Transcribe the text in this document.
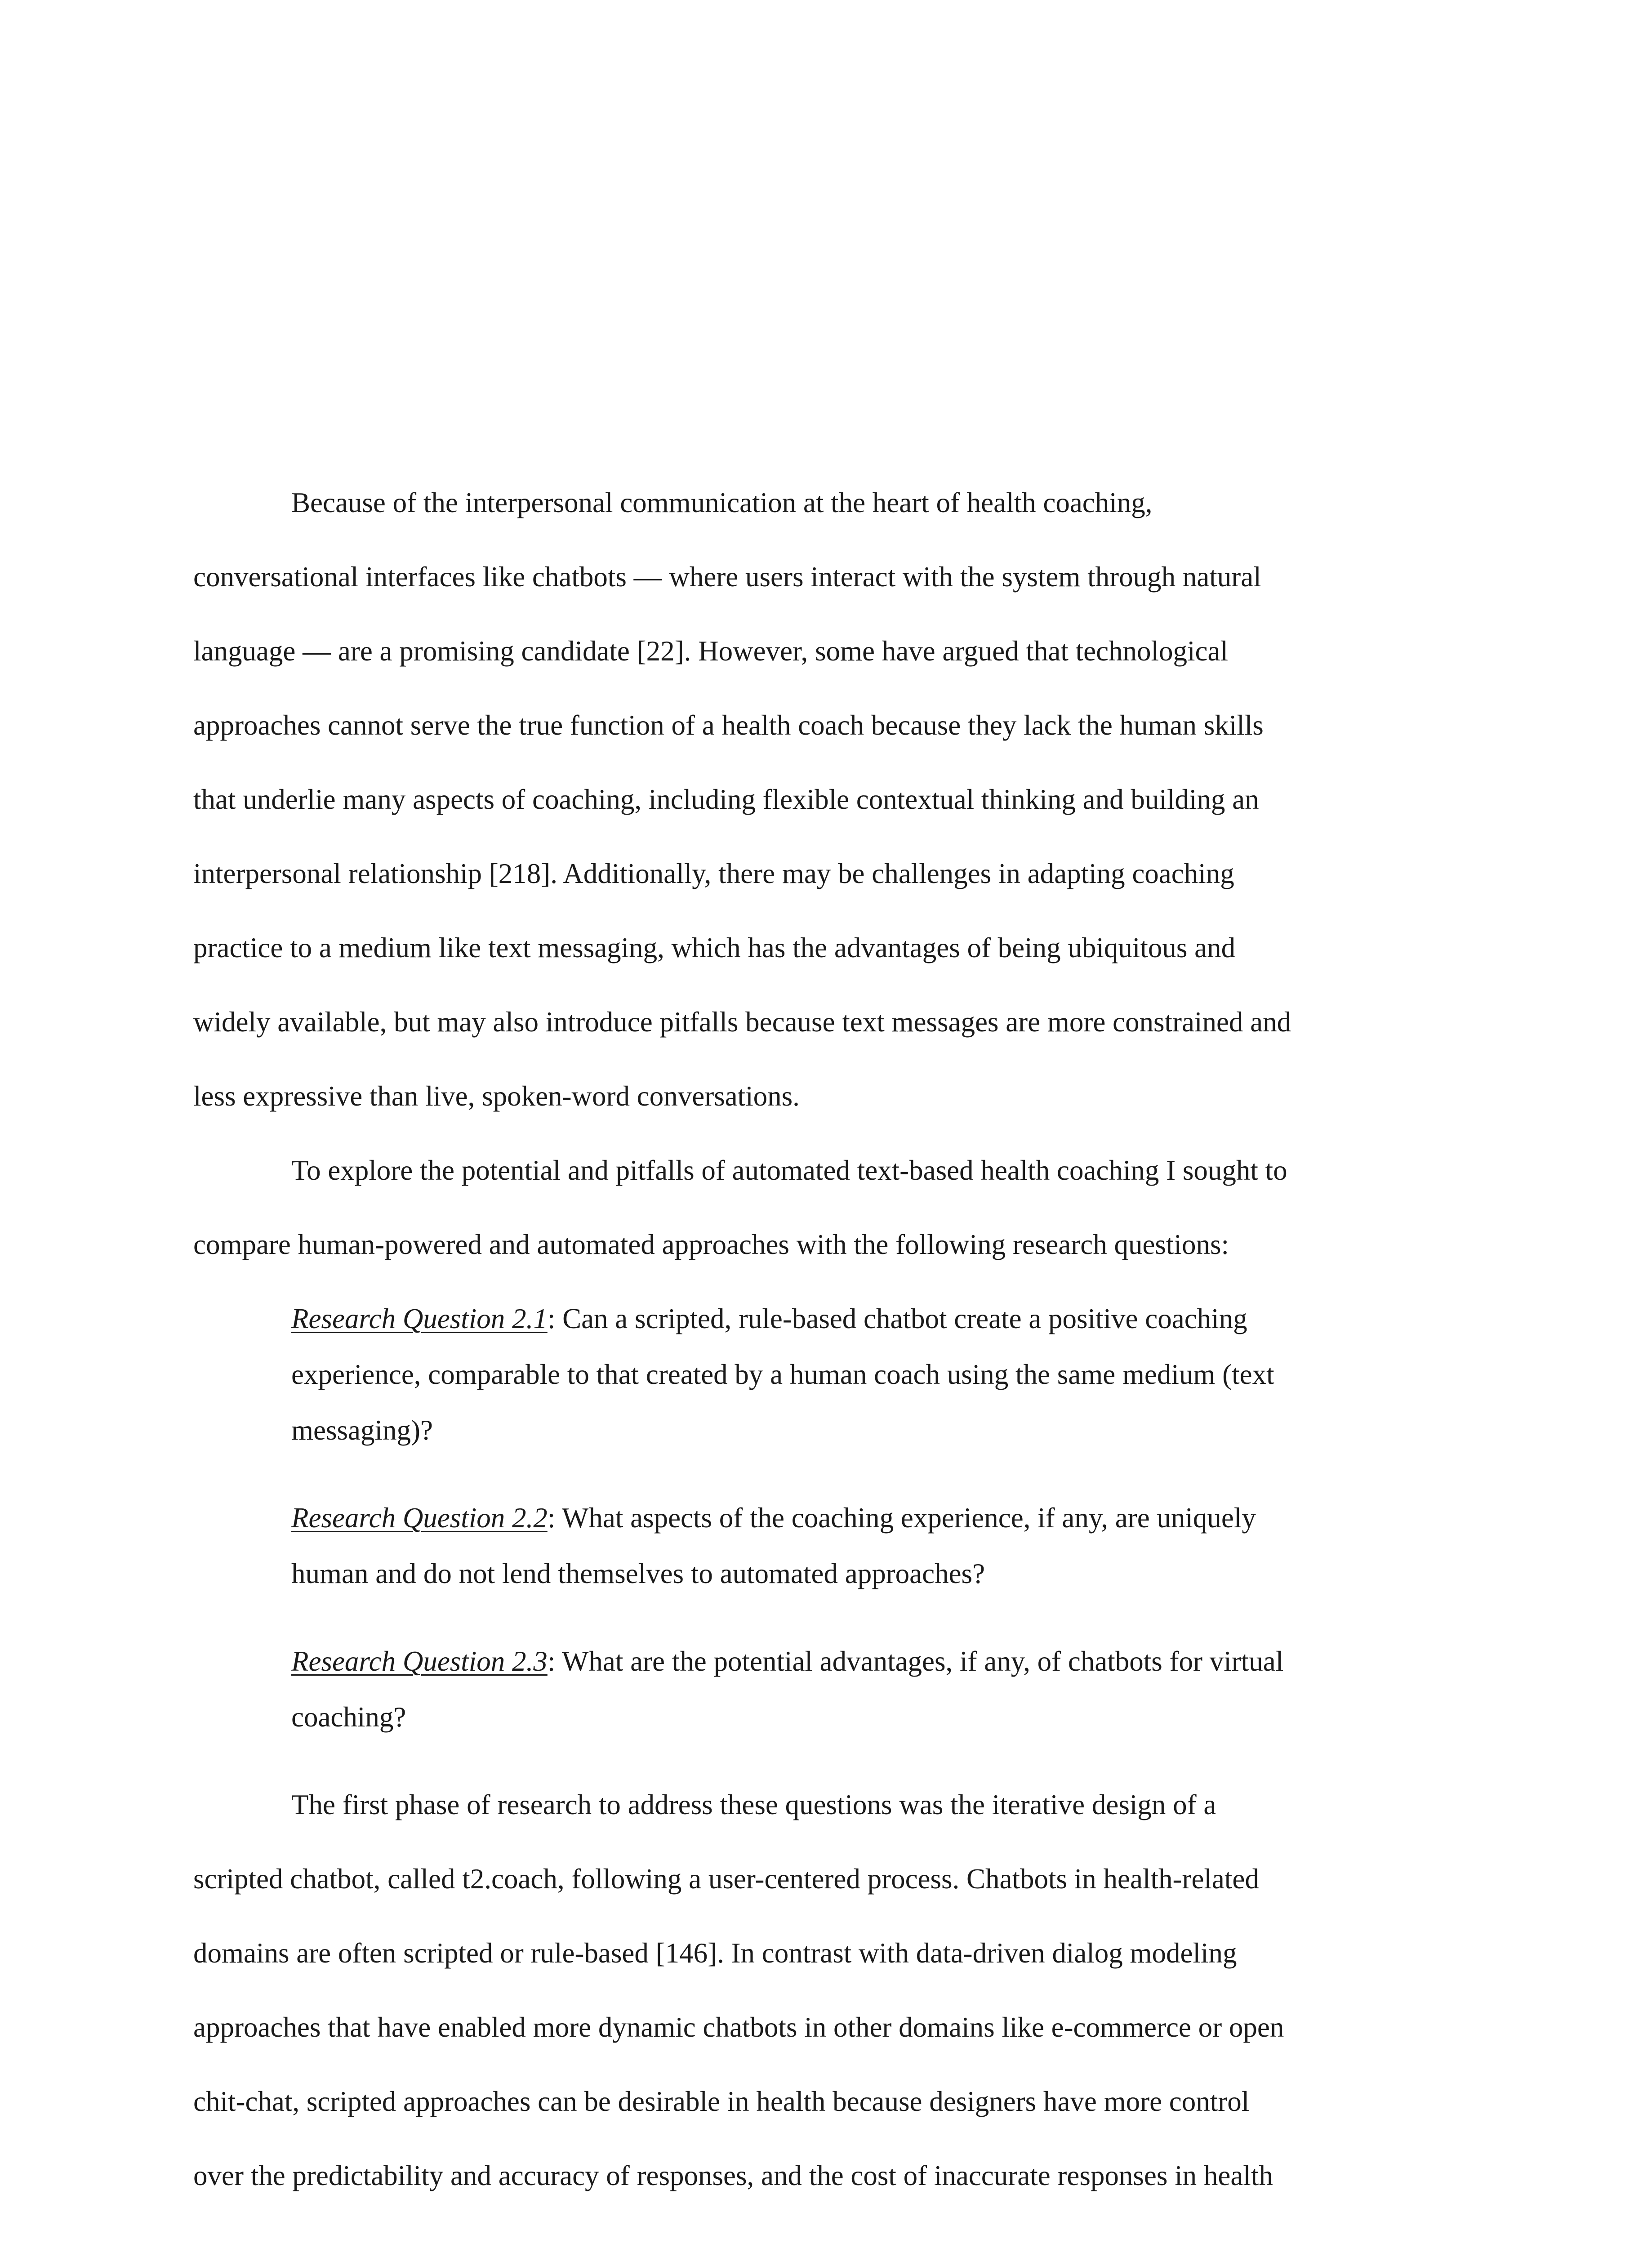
Because of the interpersonal communication at the heart of health coaching,

conversational interfaces like chatbots — where users interact with the system through natural

language — are a promising candidate [22]. However, some have argued that technological

approaches cannot serve the true function of a health coach because they lack the human skills

that underlie many aspects of coaching, including flexible contextual thinking and building an

interpersonal relationship [218]. Additionally, there may be challenges in adapting coaching

practice to a medium like text messaging, which has the advantages of being ubiquitous and

widely available, but may also introduce pitfalls because text messages are more constrained and

less expressive than live, spoken-word conversations.

To explore the potential and pitfalls of automated text-based health coaching I sought to

compare human-powered and automated approaches with the following research questions:

Research Question 2.1: Can a scripted, rule-based chatbot create a positive coaching

experience, comparable to that created by a human coach using the same medium (text

messaging)?

Research Question 2.2: What aspects of the coaching experience, if any, are uniquely

human and do not lend themselves to automated approaches?

Research Question 2.3: What are the potential advantages, if any, of chatbots for virtual

coaching?

The first phase of research to address these questions was the iterative design of a

scripted chatbot, called t2.coach, following a user-centered process. Chatbots in health-related

domains are often scripted or rule-based [146]. In contrast with data-driven dialog modeling

approaches that have enabled more dynamic chatbots in other domains like e-commerce or open

chit-chat, scripted approaches can be desirable in health because designers have more control

over the predictability and accuracy of responses, and the cost of inaccurate responses in health
